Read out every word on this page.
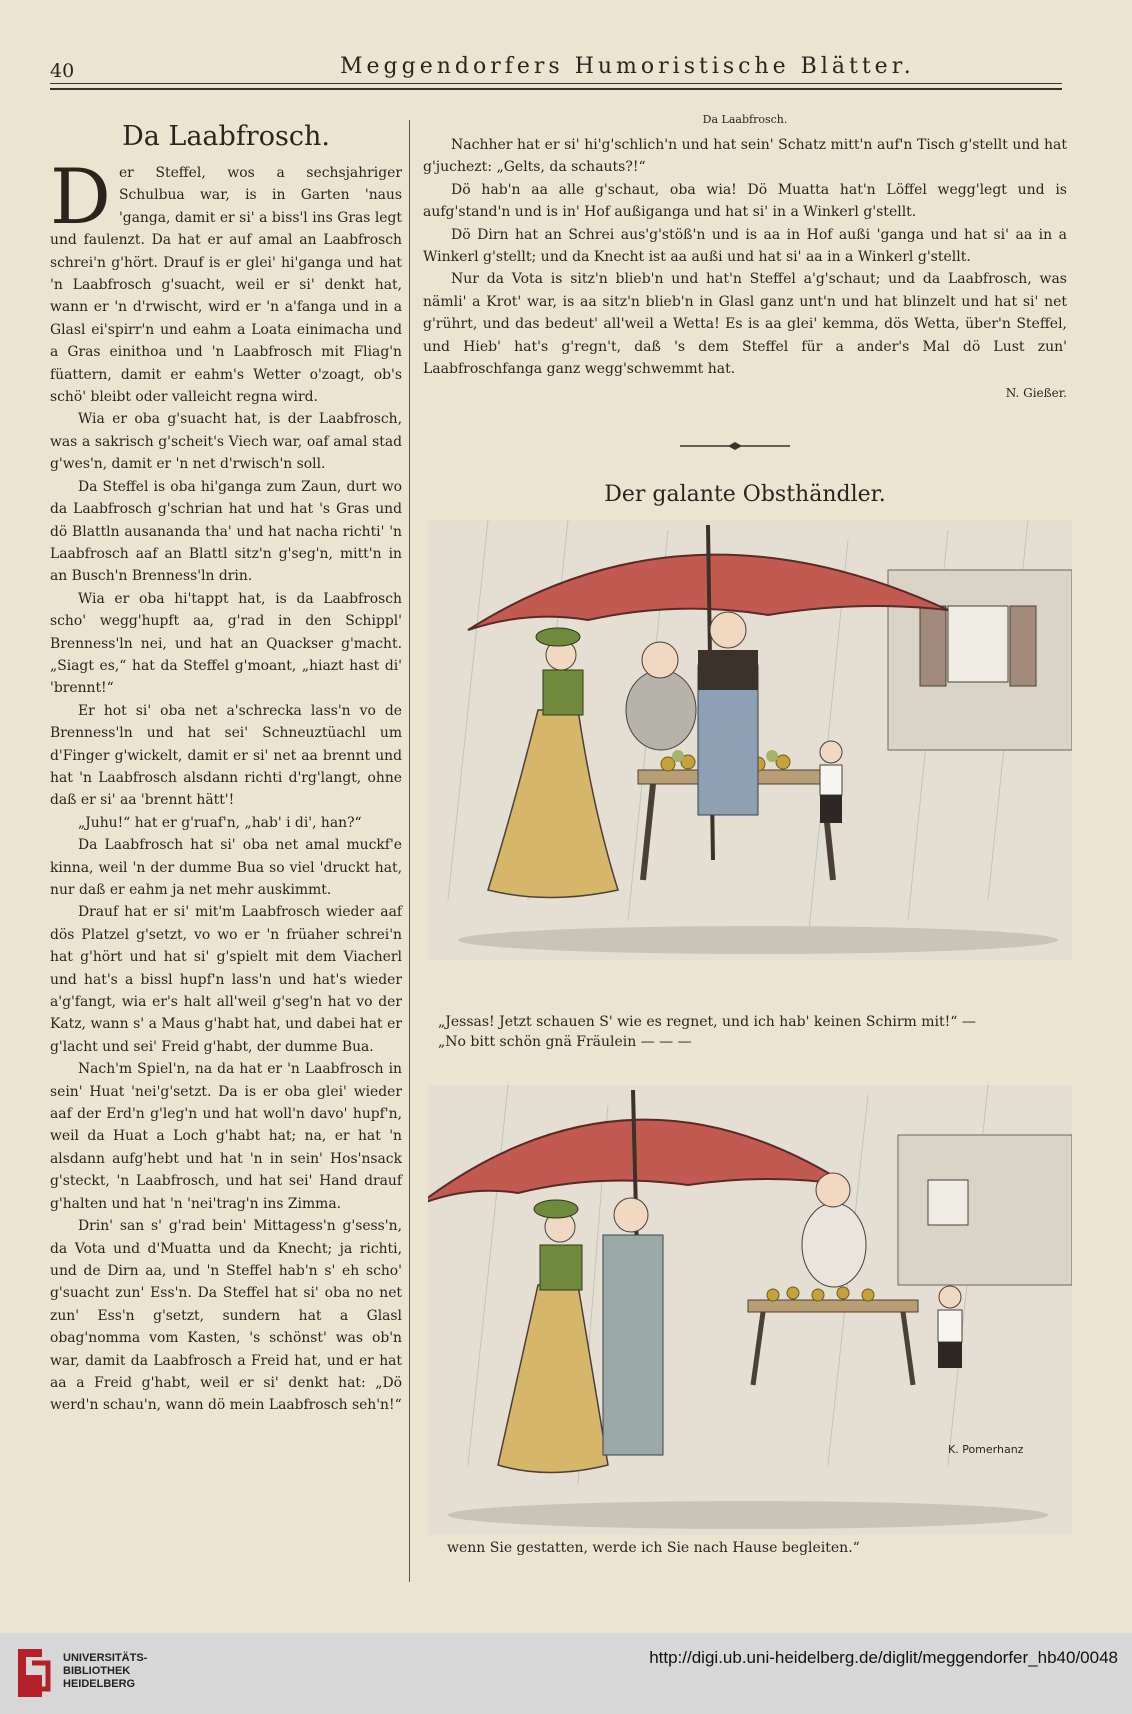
40	Meggendorfers Humoristische Blätter.
Da Laabfrosch.

Der Steffel, wos a sechsjahriger Schulbua war, is in Garten 'naus 'ganga, damit er si' a biss'l ins Gras legt und faulenzt. Da hat er auf amal an Laabfrosch schrei'n g'hört. Drauf is er glei' hi'ganga und hat 'n Laabfrosch g'suacht, weil er si' denkt hat, wann er 'n d'rwischt, wird er 'n a'fanga und in a Glasl ei'spirr'n und eahm a Loata einimacha und a Gras einithoa und 'n Laabfrosch mit Fliag'n füattern, damit er eahm's Wetter o'zoagt, ob's schö' bleibt oder valleicht regna wird.

Wia er oba g'suacht hat, is der Laabfrosch, was a sakrisch g'scheit's Viech war, oaf amal stad g'wes'n, damit er 'n net d'rwisch'n soll.

Da Steffel is oba hi'ganga zum Zaun, durt wo da Laabfrosch g'schrian hat und hat 's Gras und dö Blattln ausananda tha' und hat nacha richti' 'n Laabfrosch aaf an Blattl sitz'n g'seg'n, mitt'n in an Busch'n Brenness'ln drin.

Wia er oba hi'tappt hat, is da Laabfrosch scho' wegg'hupft aa, g'rad in den Schippl' Brenness'ln nei, und hat an Quackser g'macht. „Siagt es,“ hat da Steffel g'moant, „hiazt hast di' 'brennt!“

Er hot si' oba net a'schrecka lass'n vo de Brenness'ln und hat sei' Schneuztüachl um d'Finger g'wickelt, damit er si' net aa brennt und hat 'n Laabfrosch alsdann richti d'rg'langt, ohne daß er si' aa 'brennt hätt'!

„Juhu!“ hat er g'ruaf'n, „hab' i di', han?“

Da Laabfrosch hat si' oba net amal muckf'e kinna, weil 'n der dumme Bua so viel 'druckt hat, nur daß er eahm ja net mehr auskimmt.

Drauf hat er si' mit'm Laabfrosch wieder aaf dös Platzel g'setzt, vo wo er 'n früaher schrei'n hat g'hört und hat si' g'spielt mit dem Viacherl und hat's a bissl hupf'n lass'n und hat's wieder a'g'fangt, wia er's halt all'weil g'seg'n hat vo der Katz, wann s' a Maus g'habt hat, und dabei hat er g'lacht und sei' Freid g'habt, der dumme Bua.

Nach'm Spiel'n, na da hat er 'n Laabfrosch in sein' Huat 'nei'g'setzt. Da is er oba glei' wieder aaf der Erd'n g'leg'n und hat woll'n davo' hupf'n, weil da Huat a Loch g'habt hat; na, er hat 'n alsdann aufg'hebt und hat 'n in sein' Hos'nsack g'steckt, 'n Laabfrosch, und hat sei' Hand drauf g'halten und hat 'n 'nei'trag'n ins Zimma.

Drin' san s' g'rad bein' Mittagess'n g'sess'n, da Vota und d'Muatta und da Knecht; ja richti, und de Dirn aa, und 'n Steffel hab'n s' eh scho' g'suacht zun' Ess'n. Da Steffel hat si' oba no net zun' Ess'n g'setzt, sundern hat a Glasl obag'nomma vom Kasten, 's schönst' was ob'n war, damit da Laabfrosch a Freid hat, und er hat aa a Freid g'habt, weil er si' denkt hat: „Dö werd'n schau'n, wann dö mein Laabfrosch seh'n!“

Da Laabfrosch.

Nachher hat er si' hi'g'schlich'n und hat sein' Schatz mitt'n auf'n Tisch g'stellt und hat g'juchezt: „Gelts, da schauts?!“

Dö hab'n aa alle g'schaut, oba wia! Dö Muatta hat'n Löffel wegg'legt und is aufg'stand'n und is in' Hof außiganga und hat si' in a Winkerl g'stellt.

Dö Dirn hat an Schrei aus'g'stöß'n und is aa in Hof außi 'ganga und hat si' aa in a Winkerl g'stellt; und da Knecht ist aa außi und hat si' aa in a Winkerl g'stellt.

Nur da Vota is sitz'n blieb'n und hat'n Steffel a'g'schaut; und da Laabfrosch, was nämli' a Krot' war, is aa sitz'n blieb'n in Glasl ganz unt'n und hat blinzelt und hat si' net g'rührt, und das bedeut' all'weil a Wetta! Es is aa glei' kemma, dös Wetta, über'n Steffel, und Hieb' hat's g'regn't, daß 's dem Steffel für a ander's Mal dö Lust zun' Laabfroschfanga ganz wegg'schwemmt hat.

N. Gießer.
Der galante Obsthändler.
„Jessas! Jetzt schauen S' wie es regnet, und ich hab' keinen Schirm mit!“ —
„No bitt schön gnä Fräulein — — —
K. Pomerhanz
wenn Sie gestatten, werde ich Sie nach Hause begleiten.“
UNIVERSITÄTS-
BIBLIOTHEK
HEIDELBERG
http://digi.ub.uni-heidelberg.de/diglit/meggendorfer_hb40/0048
